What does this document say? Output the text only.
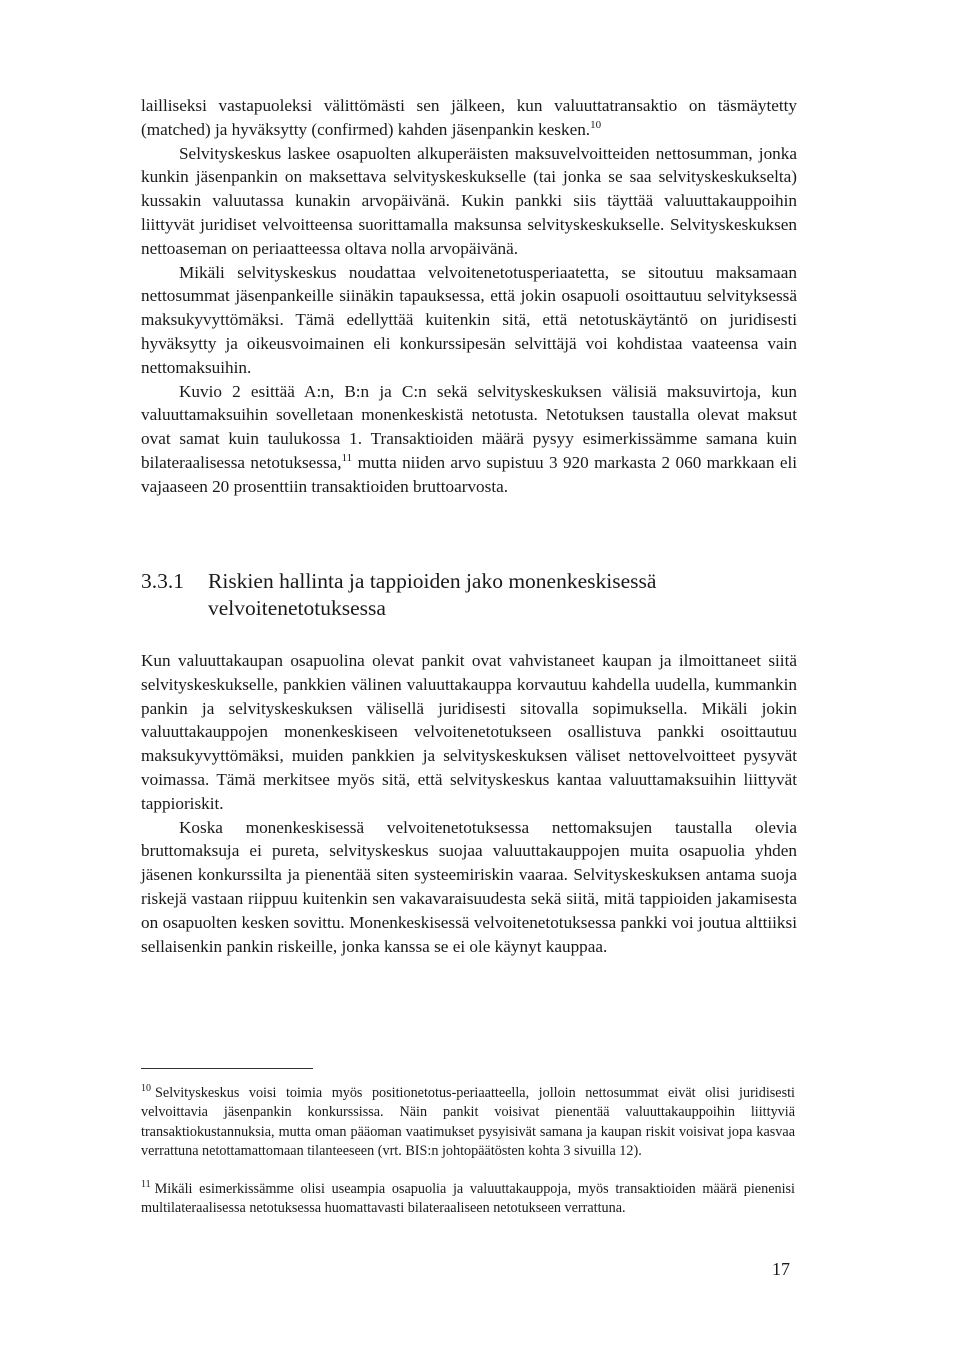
lailliseksi vastapuoleksi välittömästi sen jälkeen, kun valuuttatransaktio on täsmäytetty (matched) ja hyväksytty (confirmed) kahden jäsenpankin kesken.$^{10}$

Selvityskeskus laskee osapuolten alkuperäisten maksuvelvoitteiden nettosumman, jonka kunkin jäsenpankin on maksettava selvityskeskukselle (tai jonka se saa selvityskeskukselta) kussakin valuutassa kunakin arvopäivänä. Kukin pankki siis täyttää valuuttakauppoihin liittyvät juridiset velvoitteensa suorittamalla maksunsa selvityskeskukselle. Selvityskeskuksen nettoaseman on periaatteessa oltava nolla arvopäivänä.

Mikäli selvityskeskus noudattaa velvoitenetotusperiaatetta, se sitoutuu maksamaan nettosummat jäsenpankeille siinäkin tapauksessa, että jokin osapuoli osoittautuu selvityksessä maksukyvyttömäksi. Tämä edellyttää kuitenkin sitä, että netotuskäytäntö on juridisesti hyväksytty ja oikeusvoimainen eli konkurssipesän selvittäjä voi kohdistaa vaateensa vain nettomaksuihin.

Kuvio 2 esittää A:n, B:n ja C:n sekä selvityskeskuksen välisiä maksuvirtoja, kun valuuttamaksuihin sovelletaan monenkeskistä netotusta. Netotuksen taustalla olevat maksut ovat samat kuin taulukossa 1. Transaktioiden määrä pysyy esimerkissämme samana kuin bilateraalisessa netotuksessa,$^{11}$ mutta niiden arvo supistuu 3 920 markasta 2 060 markkaan eli vajaaseen 20 prosenttiin transaktioiden bruttoarvosta.

3.3.1 Riskien hallinta ja tappioiden jako monenkeskisessä
velvoitenetotuksessa

Kun valuuttakaupan osapuolina olevat pankit ovat vahvistaneet kaupan ja ilmoittaneet siitä selvityskeskukselle, pankkien välinen valuuttakauppa korvautuu kahdella uudella, kummankin pankin ja selvityskeskuksen välisellä juridisesti sitovalla sopimuksella. Mikäli jokin valuuttakauppojen monenkeskiseen velvoitenetotukseen osallistuva pankki osoittautuu maksukyvyttömäksi, muiden pankkien ja selvityskeskuksen väliset nettovelvoitteet pysyvät voimassa. Tämä merkitsee myös sitä, että selvityskeskus kantaa valuuttamaksuihin liittyvät tappioriskit.

Koska monenkeskisessä velvoitenetotuksessa nettomaksujen taustalla olevia bruttomaksuja ei pureta, selvityskeskus suojaa valuuttakauppojen muita osapuolia yhden jäsenen konkurssilta ja pienentää siten systeemiriskin vaaraa. Selvityskeskuksen antama suoja riskejä vastaan riippuu kuitenkin sen vakavaraisuudesta sekä siitä, mitä tappioiden jakamisesta on osapuolten kesken sovittu. Monenkeskisessä velvoitenetotuksessa pankki voi joutua alttiiksi sellaisenkin pankin riskeille, jonka kanssa se ei ole käynyt kauppaa.

$^{10}$ Selvityskeskus voisi toimia myös positionetotus-periaatteella, jolloin nettosummat eivät olisi juridisesti velvoittavia jäsenpankin konkurssissa. Näin pankit voisivat pienentää valuuttakauppoihin liittyviä transaktiokustannuksia, mutta oman pääoman vaatimukset pysyisivät samana ja kaupan riskit voisivat jopa kasvaa verrattuna netottamattomaan tilanteeseen (vrt. BIS:n johtopäätösten kohta 3 sivuilla 12).

$^{11}$ Mikäli esimerkissämme olisi useampia osapuolia ja valuuttakauppoja, myös transaktioiden määrä pienenisi multilateraalisessa netotuksessa huomattavasti bilateraaliseen netotukseen verrattuna.

17
